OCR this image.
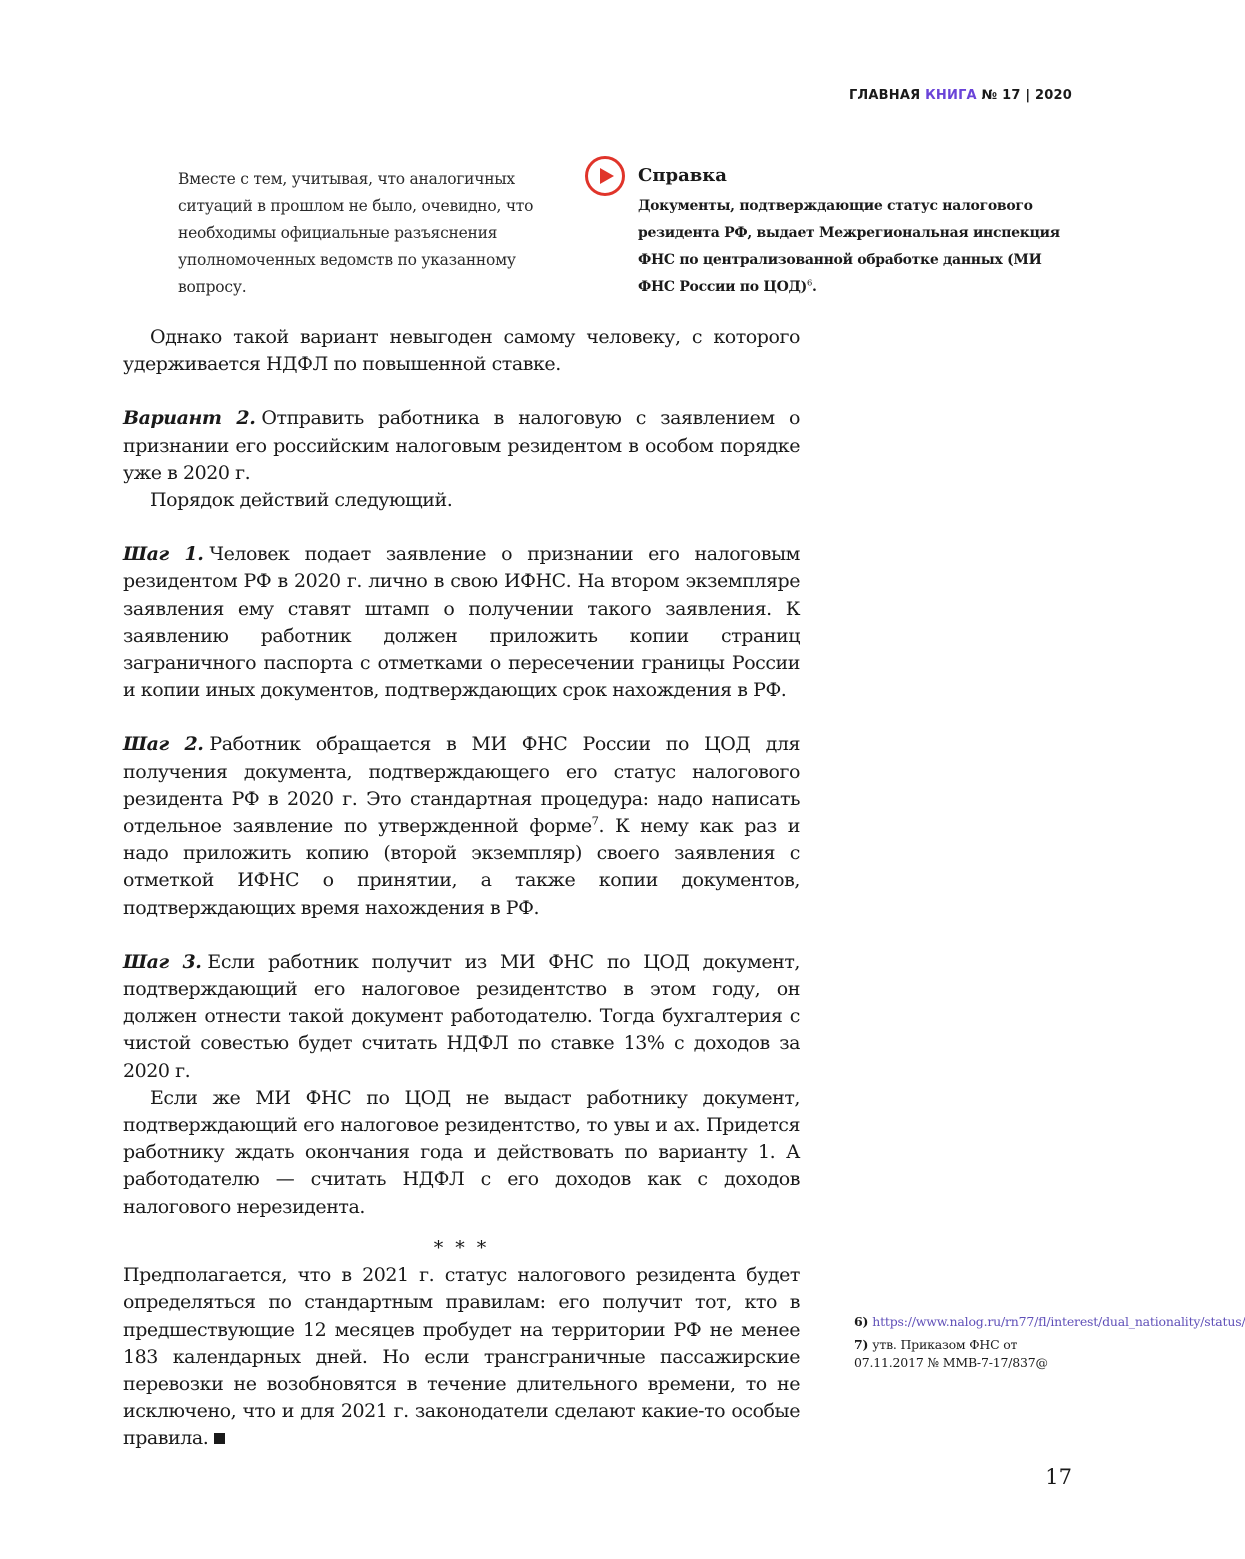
ГЛАВНАЯ КНИГА № 17 | 2020
Вместе с тем, учитывая, что аналогичных ситуаций в прошлом не было, очевидно, что необходимы официальные разъяснения уполномоченных ведомств по указанному вопросу.
Справка
Документы, подтверждающие статус налогового резидента РФ, выдает Межрегиональная инспекция ФНС по централизованной обработке данных (МИ ФНС России по ЦОД)$^6$.

Однако такой вариант невыгоден самому человеку, с которого удерживается НДФЛ по повышенной ставке.

Вариант 2. Отправить работника в налоговую с заявлением о признании его российским налоговым резидентом в особом порядке уже в 2020 г.

Порядок действий следующий.

Шаг 1. Человек подает заявление о признании его налоговым резидентом РФ в 2020 г. лично в свою ИФНС. На втором экземпляре заявления ему ставят штамп о получении такого заявления. К заявлению работник должен приложить копии страниц заграничного паспорта с отметками о пересечении границы России и копии иных документов, подтверждающих срок нахождения в РФ.

Шаг 2. Работник обращается в МИ ФНС России по ЦОД для получения документа, подтверждающего его статус налогового резидента РФ в 2020 г. Это стандартная процедура: надо написать отдельное заявление по утвержденной форме$^7$. К нему как раз и надо приложить копию (второй экземпляр) своего заявления с отметкой ИФНС о принятии, а также копии документов, подтверждающих время нахождения в РФ.

Шаг 3. Если работник получит из МИ ФНС по ЦОД документ, подтверждающий его налоговое резидентство в этом году, он должен отнести такой документ работодателю. Тогда бухгалтерия с чистой совестью будет считать НДФЛ по ставке 13% с доходов за 2020 г.

Если же МИ ФНС по ЦОД не выдаст работнику документ, подтверждающий его налоговое резидентство, то увы и ах. Придется работнику ждать окончания года и действовать по варианту 1. А работодателю — считать НДФЛ с его доходов как с доходов налогового нерезидента.

* * *

Предполагается, что в 2021 г. статус налогового резидента будет определяться по стандартным правилам: его получит тот, кто в предшествующие 12 месяцев пробудет на территории РФ не менее 183 календарных дней. Но если трансграничные пассажирские перевозки не возобновятся в течение длительного времени, то не исключено, что и для 2021 г. законодатели сделают какие-то особые правила.

6) https://www.nalog.ru/rn77/fl/interest/dual_nationality/status/

7) утв. Приказом ФНС от 07.11.2017 № ММВ-7-17/837@

17
